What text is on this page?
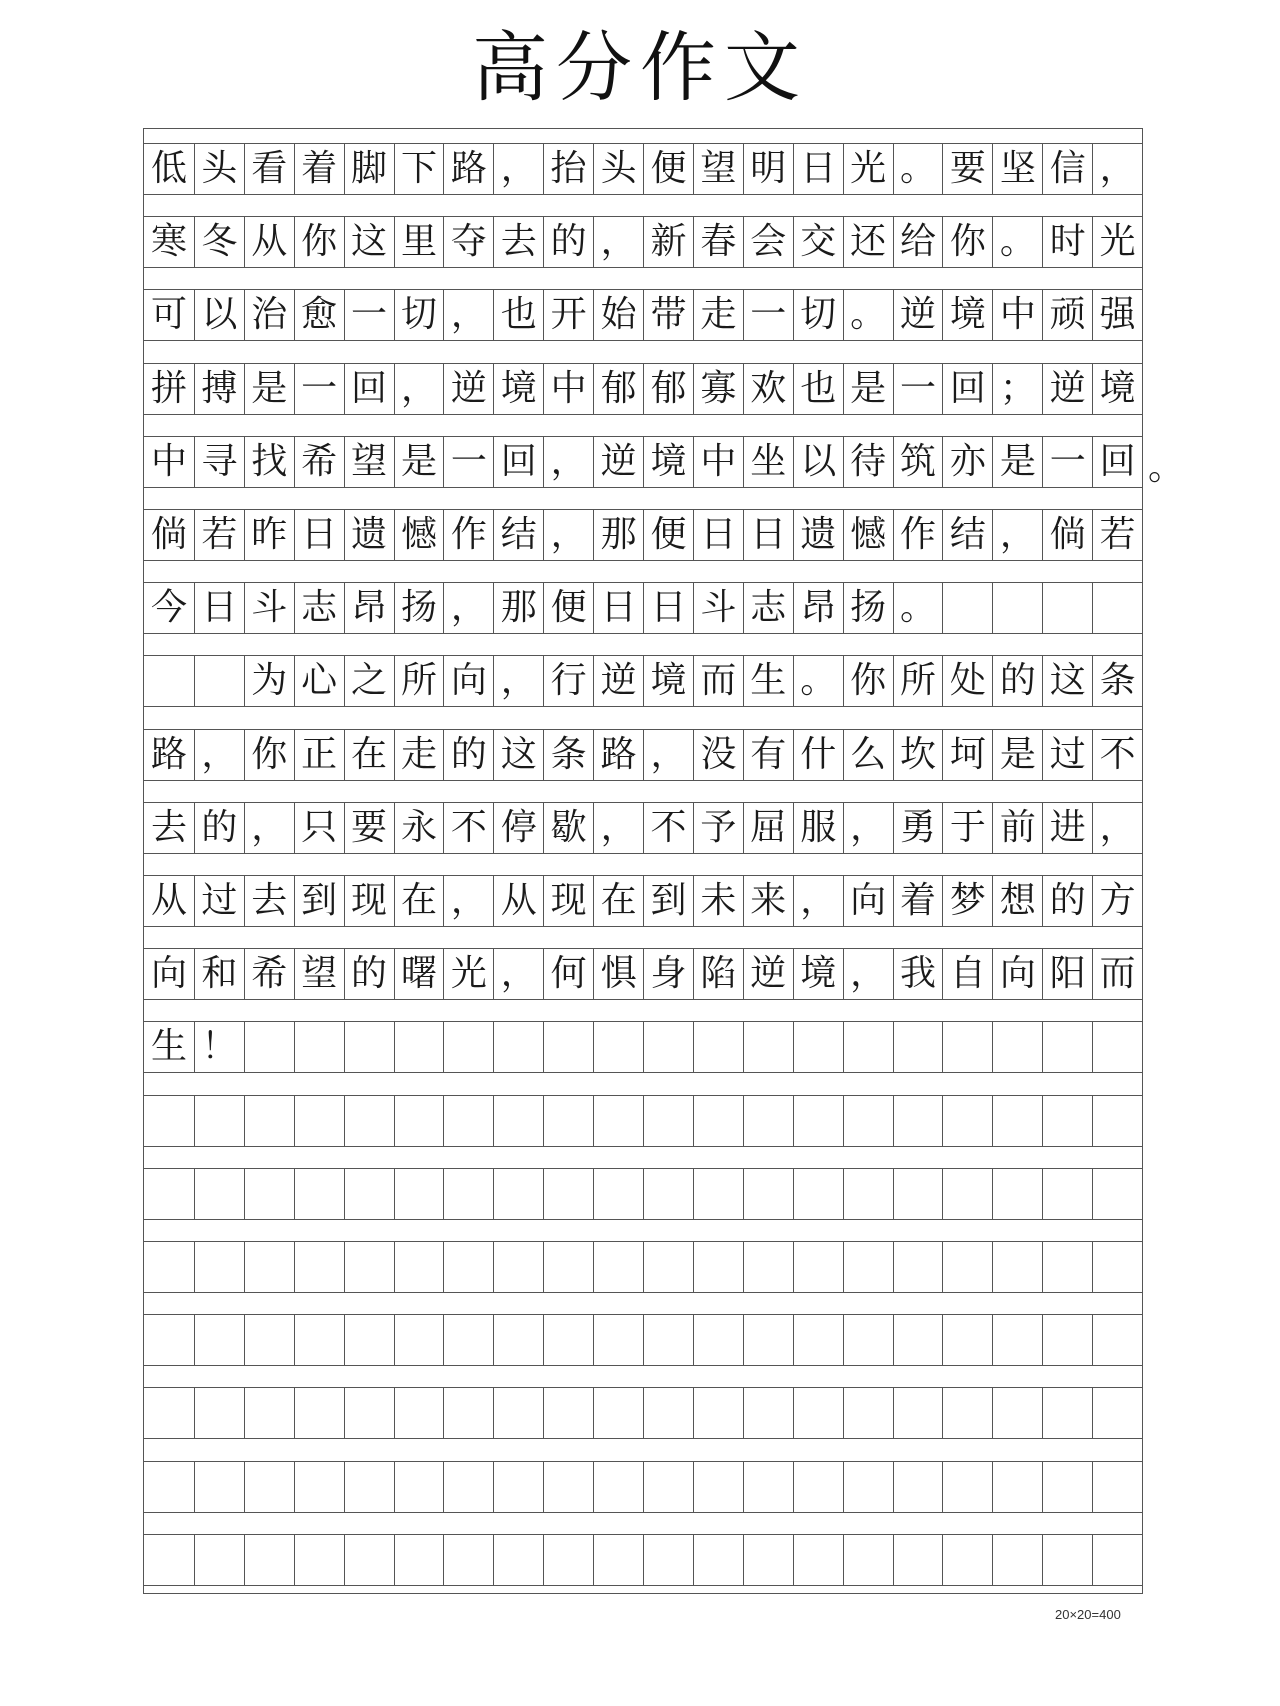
高分作文
低 头 看 着 脚 下 路 ， 抬 头 便 望 明 日 光 。 要 坚 信 ，
寒 冬 从 你 这 里 夺 去 的 ， 新 春 会 交 还 给 你 。 时 光
可 以 治 愈 一 切 ， 也 开 始 带 走 一 切 。 逆 境 中 顽 强
拼 搏 是 一 回 ， 逆 境 中 郁 郁 寡 欢 也 是 一 回 ； 逆 境
中 寻 找 希 望 是 一 回 ， 逆 境 中 坐 以 待 筑 亦 是 一 回
倘 若 昨 日 遗 憾 作 结 ， 那 便 日 日 遗 憾 作 结 ， 倘 若
今 日 斗 志 昂 扬 ， 那 便 日 日 斗 志 昂 扬 。
为 心 之 所 向 ， 行 逆 境 而 生 。 你 所 处 的 这 条
路 ， 你 正 在 走 的 这 条 路 ， 没 有 什 么 坎 坷 是 过 不
去 的 ， 只 要 永 不 停 歇 ， 不 予 屈 服 ， 勇 于 前 进 ，
从 过 去 到 现 在 ， 从 现 在 到 未 来 ， 向 着 梦 想 的 方
向 和 希 望 的 曙 光 ， 何 惧 身 陷 逆 境 ， 我 自 向 阳 而
生 ！
20×20=400
。
